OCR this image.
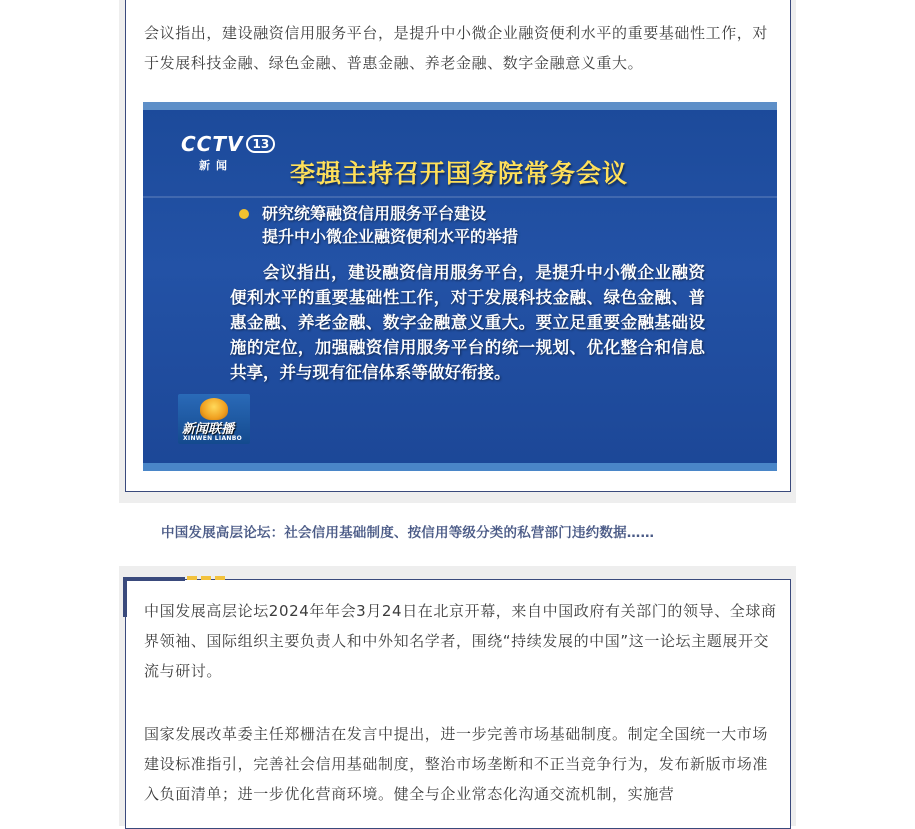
会议指出，建设融资信用服务平台，是提升中小微企业融资便利水平的重要基础性工作，对于发展科技金融、绿色金融、普惠金融、养老金融、数字金融意义重大。

CCTV 13
新闻	李强主持召开国务院常务会议
研究统筹融资信用服务平台建设
提升中小微企业融资便利水平的举措
会议指出，建设融资信用服务平台，是提升中小微企业融资便利水平的重要基础性工作，对于发展科技金融、绿色金融、普惠金融、养老金融、数字金融意义重大。要立足重要金融基础设施的定位，加强融资信用服务平台的统一规划、优化整合和信息共享，并与现有征信体系等做好衔接。
新闻联播
XINWEN LIANBO
中国发展高层论坛：社会信用基础制度、按信用等级分类的私营部门违约数据……

中国发展高层论坛2024年年会3月24日在北京开幕，来自中国政府有关部门的领导、全球商界领袖、国际组织主要负责人和中外知名学者，围绕“持续发展的中国”这一论坛主题展开交流与研讨。

国家发展改革委主任郑栅洁在发言中提出，进一步完善市场基础制度。制定全国统一大市场建设标准指引，完善社会信用基础制度，整治市场垄断和不正当竞争行为，发布新版市场准入负面清单；进一步优化营商环境。健全与企业常态化沟通交流机制，实施营
